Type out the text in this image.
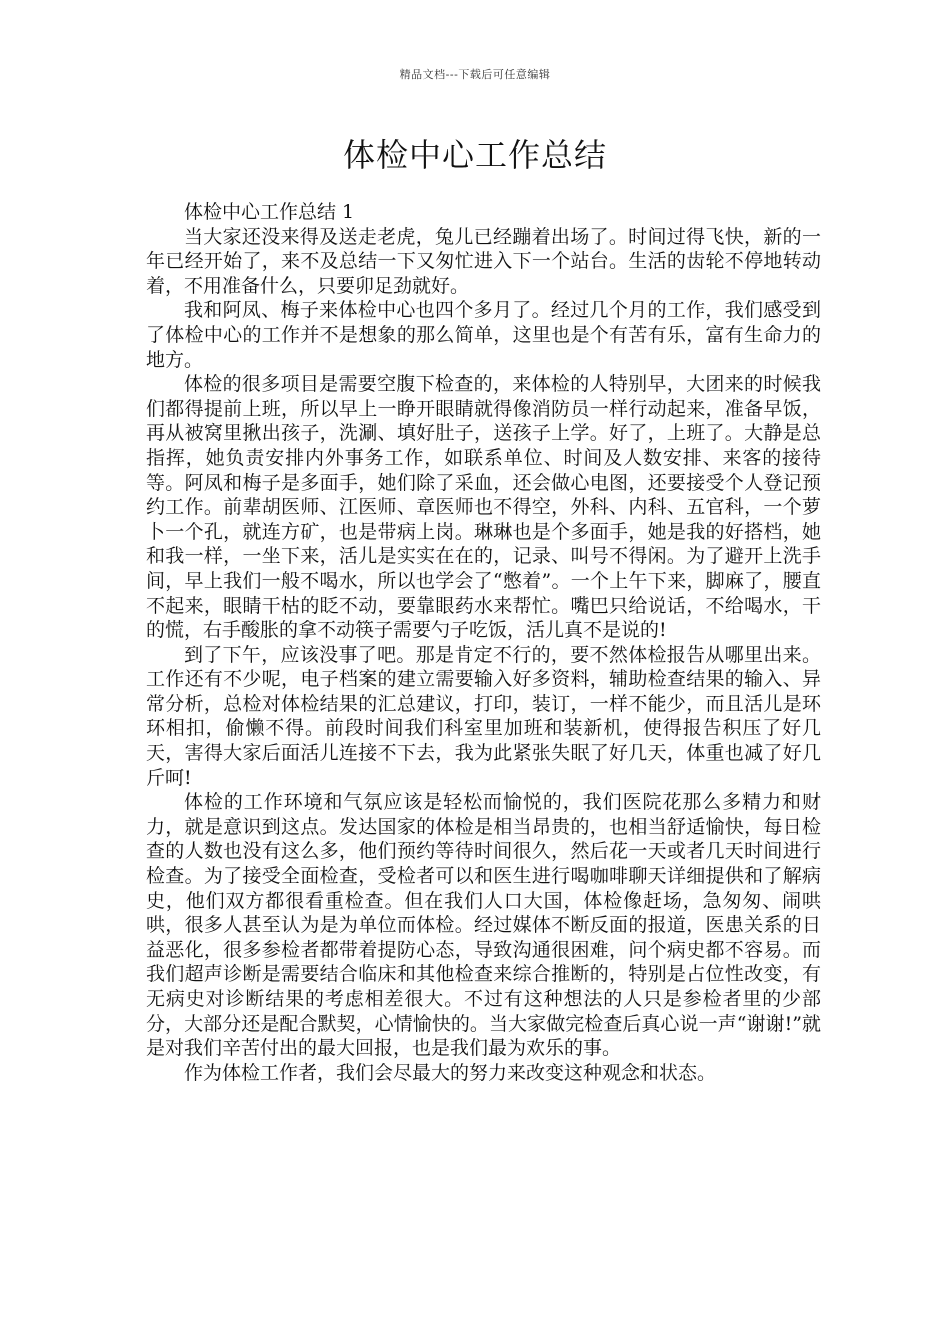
精品文档---下载后可任意编辑
体检中心工作总结

体检中心工作总结 1

当大家还没来得及送走老虎，兔儿已经蹦着出场了。时间过得飞快，新的一年已经开始了，来不及总结一下又匆忙进入下一个站台。生活的齿轮不停地转动着，不用准备什么，只要卯足劲就好。

我和阿凤、梅子来体检中心也四个多月了。经过几个月的工作，我们感受到了体检中心的工作并不是想象的那么简单，这里也是个有苦有乐，富有生命力的地方。

体检的很多项目是需要空腹下检查的，来体检的人特别早，大团来的时候我们都得提前上班，所以早上一睁开眼睛就得像消防员一样行动起来，准备早饭，再从被窝里揪出孩子，洗涮、填好肚子，送孩子上学。好了，上班了。大静是总指挥，她负责安排内外事务工作，如联系单位、时间及人数安排、来客的接待等。阿凤和梅子是多面手，她们除了采血，还会做心电图，还要接受个人登记预约工作。前辈胡医师、江医师、章医师也不得空，外科、内科、五官科，一个萝卜一个孔，就连方矿，也是带病上岗。琳琳也是个多面手，她是我的好搭档，她和我一样，一坐下来，活儿是实实在在的，记录、叫号不得闲。为了避开上洗手间，早上我们一般不喝水，所以也学会了“憋着”。一个上午下来，脚麻了，腰直不起来，眼睛干枯的眨不动，要靠眼药水来帮忙。嘴巴只给说话，不给喝水，干的慌，右手酸胀的拿不动筷子需要勺子吃饭，活儿真不是说的!

到了下午，应该没事了吧。那是肯定不行的，要不然体检报告从哪里出来。工作还有不少呢，电子档案的建立需要输入好多资料，辅助检查结果的输入、异常分析，总检对体检结果的汇总建议，打印，装订，一样不能少，而且活儿是环环相扣，偷懒不得。前段时间我们科室里加班和装新机，使得报告积压了好几天，害得大家后面活儿连接不下去，我为此紧张失眠了好几天，体重也减了好几斤呵!

体检的工作环境和气氛应该是轻松而愉悦的，我们医院花那么多精力和财力，就是意识到这点。发达国家的体检是相当昂贵的，也相当舒适愉快，每日检查的人数也没有这么多，他们预约等待时间很久，然后花一天或者几天时间进行检查。为了接受全面检查，受检者可以和医生进行喝咖啡聊天详细提供和了解病史，他们双方都很看重检查。但在我们人口大国，体检像赶场，急匆匆、闹哄哄，很多人甚至认为是为单位而体检。经过媒体不断反面的报道，医患关系的日益恶化，很多参检者都带着提防心态，导致沟通很困难，问个病史都不容易。而我们超声诊断是需要结合临床和其他检查来综合推断的，特别是占位性改变，有无病史对诊断结果的考虑相差很大。不过有这种想法的人只是参检者里的少部分，大部分还是配合默契，心情愉快的。当大家做完检查后真心说一声“谢谢!”就是对我们辛苦付出的最大回报，也是我们最为欢乐的事。

作为体检工作者，我们会尽最大的努力来改变这种观念和状态。
